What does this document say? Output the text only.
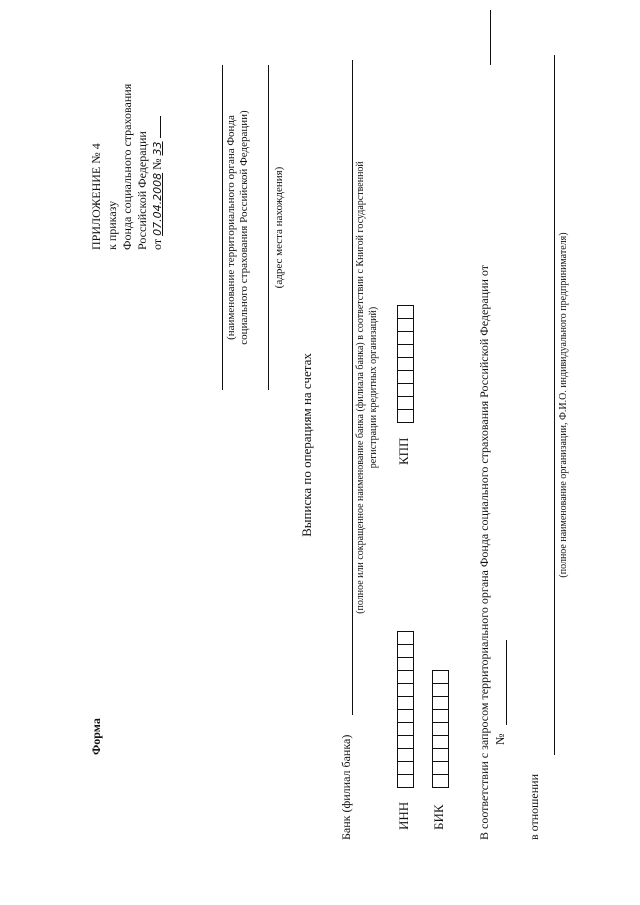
Форма
ПРИЛОЖЕНИЕ № 4 к приказу Фонда социального страхования Российской Федерации от 07.04.2008 № 33	(наименование территориального органа Фонда социального страхования Российской Федерации) (адрес места нахождения)
Выписка по операциям на счетах
Банк (филиал банка)
(полное или сокращенное наименование банка (филиала банка) в соответствии с Книгой государственной регистрации кредитных организаций)
ИНН
КПП
БИК	В соответствии с запросом территориального органа Фонда социального страхования Российской Федерации от №
в отношении
(полное наименование организации, Ф.И.О. индивидуального предпринимателя)
